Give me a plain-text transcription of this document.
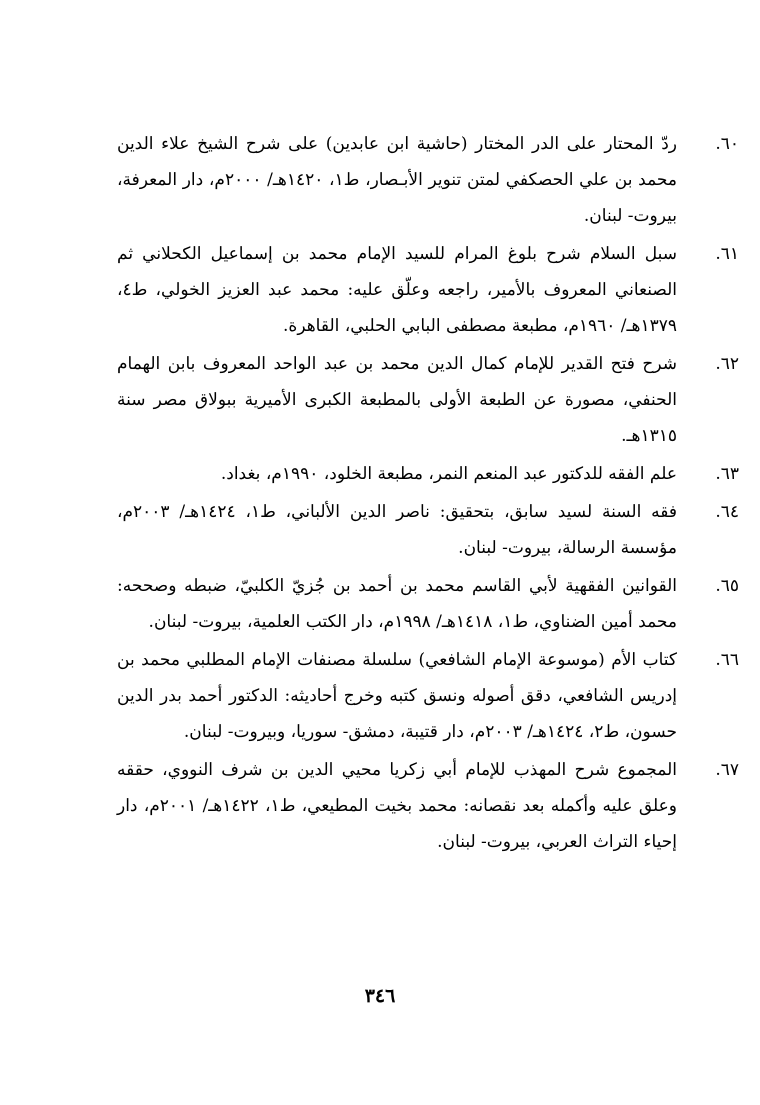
٦٠.
ردّ المحتار على الدر المختار (حاشية ابن عابدين) على شرح الشيخ علاء الدين محمد بن علي الحصكفي لمتن تنوير الأبـصار، ط١، ١٤٢٠هـ/ ٢٠٠٠م، دار المعرفة، بيروت- لبنان.
٦١.
سبل السلام شرح بلوغ المرام للسيد الإمام محمد بن إسماعيل الكحلاني ثم الصنعاني المعروف بالأمير، راجعه وعلّق عليه: محمد عبد العزيز الخولي، ط٤، ١٣٧٩هـ/ ١٩٦٠م، مطبعة مصطفى البابي الحلبي، القاهرة.
٦٢.
شرح فتح القدير للإمام كمال الدين محمد بن عبد الواحد المعروف بابن الهمام الحنفي، مصورة عن الطبعة الأولى بالمطبعة الكبرى الأميرية ببولاق مصر سنة ١٣١٥هـ.
٦٣.
علم الفقه للدكتور عبد المنعم النمر، مطبعة الخلود، ١٩٩٠م، بغداد.
٦٤.
فقه السنة لسيد سابق، بتحقيق: ناصر الدين الألباني، ط١، ١٤٢٤هـ/ ٢٠٠٣م، مؤسسة الرسالة، بيروت- لبنان.
٦٥.
القوانين الفقهية لأبي القاسم محمد بن أحمد بن جُزيّ الكلبيّ، ضبطه وصححه: محمد أمين الضناوي، ط١، ١٤١٨هـ/ ١٩٩٨م، دار الكتب العلمية، بيروت- لبنان.
٦٦.
كتاب الأم (موسوعة الإمام الشافعي) سلسلة مصنفات الإمام المطلبي محمد بن إدريس الشافعي، دقق أصوله ونسق كتبه وخرج أحاديثه: الدكتور أحمد بدر الدين حسون، ط٢، ١٤٢٤هـ/ ٢٠٠٣م، دار قتيبة، دمشق- سوريا، وبيروت- لبنان.
٦٧.
المجموع شرح المهذب للإمام أبي زكريا محيي الدين بن شرف النووي، حققه وعلق عليه وأكمله بعد نقصانه: محمد بخيت المطيعي، ط١، ١٤٢٢هـ/ ٢٠٠١م، دار إحياء التراث العربي، بيروت- لبنان.
٣٤٦
